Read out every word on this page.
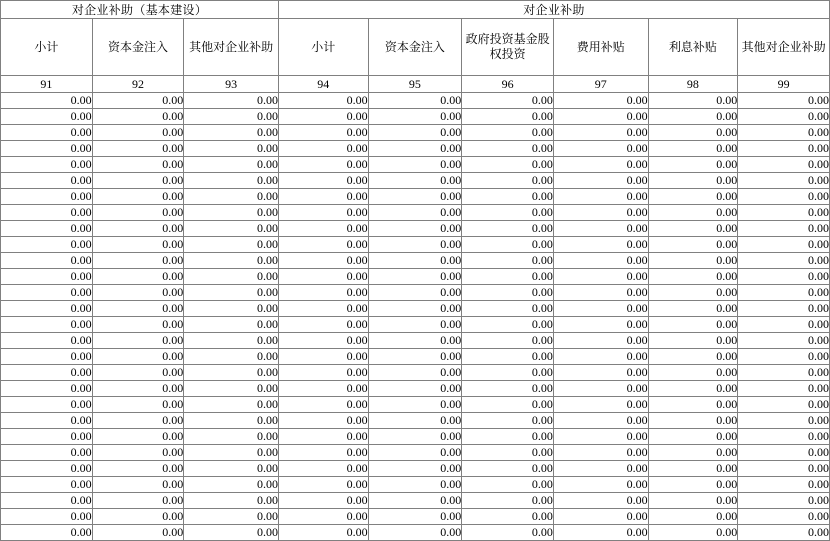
对企业补助（基本建设）			对企业补助					
小计	资本金注入	其他对企业补助	小计	资本金注入	政府投资基金股权投资	费用补贴	利息补贴	其他对企业补助
91	92	93	94	95	96	97	98	99
0.00	0.00	0.00	0.00	0.00	0.00	0.00	0.00	0.00
0.00	0.00	0.00	0.00	0.00	0.00	0.00	0.00	0.00
0.00	0.00	0.00	0.00	0.00	0.00	0.00	0.00	0.00
0.00	0.00	0.00	0.00	0.00	0.00	0.00	0.00	0.00
0.00	0.00	0.00	0.00	0.00	0.00	0.00	0.00	0.00
0.00	0.00	0.00	0.00	0.00	0.00	0.00	0.00	0.00
0.00	0.00	0.00	0.00	0.00	0.00	0.00	0.00	0.00
0.00	0.00	0.00	0.00	0.00	0.00	0.00	0.00	0.00
0.00	0.00	0.00	0.00	0.00	0.00	0.00	0.00	0.00
0.00	0.00	0.00	0.00	0.00	0.00	0.00	0.00	0.00
0.00	0.00	0.00	0.00	0.00	0.00	0.00	0.00	0.00
0.00	0.00	0.00	0.00	0.00	0.00	0.00	0.00	0.00
0.00	0.00	0.00	0.00	0.00	0.00	0.00	0.00	0.00
0.00	0.00	0.00	0.00	0.00	0.00	0.00	0.00	0.00
0.00	0.00	0.00	0.00	0.00	0.00	0.00	0.00	0.00
0.00	0.00	0.00	0.00	0.00	0.00	0.00	0.00	0.00
0.00	0.00	0.00	0.00	0.00	0.00	0.00	0.00	0.00
0.00	0.00	0.00	0.00	0.00	0.00	0.00	0.00	0.00
0.00	0.00	0.00	0.00	0.00	0.00	0.00	0.00	0.00
0.00	0.00	0.00	0.00	0.00	0.00	0.00	0.00	0.00
0.00	0.00	0.00	0.00	0.00	0.00	0.00	0.00	0.00
0.00	0.00	0.00	0.00	0.00	0.00	0.00	0.00	0.00
0.00	0.00	0.00	0.00	0.00	0.00	0.00	0.00	0.00
0.00	0.00	0.00	0.00	0.00	0.00	0.00	0.00	0.00
0.00	0.00	0.00	0.00	0.00	0.00	0.00	0.00	0.00
0.00	0.00	0.00	0.00	0.00	0.00	0.00	0.00	0.00
0.00	0.00	0.00	0.00	0.00	0.00	0.00	0.00	0.00
0.00	0.00	0.00	0.00	0.00	0.00	0.00	0.00	0.00
